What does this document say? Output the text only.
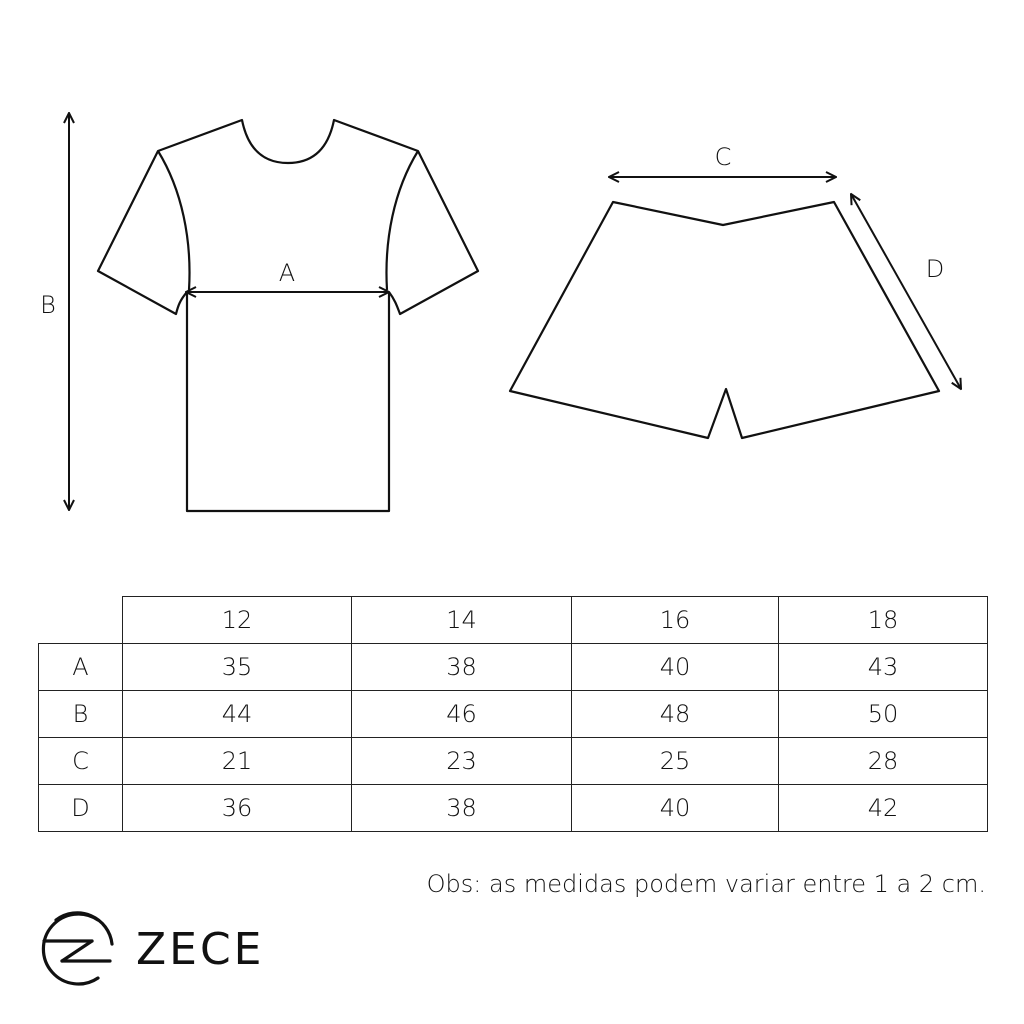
A
B
C
D
	12	14	16	18
A	35	38	40	43
B	44	46	48	50
C	21	23	25	28
D	36	38	40	42
Obs: as medidas podem variar entre 1 a 2 cm.
ZECE
